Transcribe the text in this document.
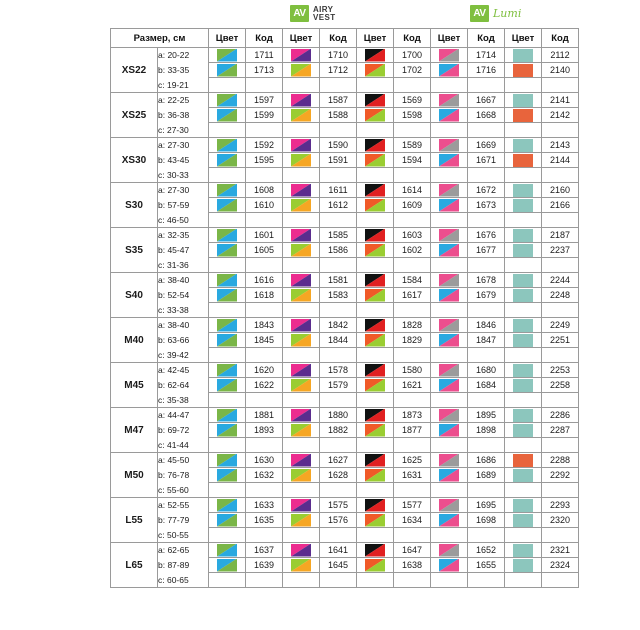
AV AIRY
VEST	AV Lumi
Размер, см		Цвет	Код	Цвет	Код	Цвет	Код	Цвет	Код	Цвет	Код
XS22	a: 20-22		1711		1710		1700		1714		2112
	b: 33-35		1713		1712		1702		1716		2140
	c: 19-21										
XS25	a: 22-25		1597		1587		1569		1667		2141
	b: 36-38		1599		1588		1598		1668		2142
	c: 27-30										
XS30	a: 27-30		1592		1590		1589		1669		2143
	b: 43-45		1595		1591		1594		1671		2144
	c: 30-33										
S30	a: 27-30		1608		1611		1614		1672		2160
	b: 57-59		1610		1612		1609		1673		2166
	c: 46-50										
S35	a: 32-35		1601		1585		1603		1676		2187
	b: 45-47		1605		1586		1602		1677		2237
	c: 31-36										
S40	a: 38-40		1616		1581		1584		1678		2244
	b: 52-54		1618		1583		1617		1679		2248
	c: 33-38										
M40	a: 38-40		1843		1842		1828		1846		2249
	b: 63-66		1845		1844		1829		1847		2251
	c: 39-42										
M45	a: 42-45		1620		1578		1580		1680		2253
	b: 62-64		1622		1579		1621		1684		2258
	c: 35-38										
M47	a: 44-47		1881		1880		1873		1895		2286
	b: 69-72		1893		1882		1877		1898		2287
	c: 41-44										
M50	a: 45-50		1630		1627		1625		1686		2288
	b: 76-78		1632		1628		1631		1689		2292
	c: 55-60										
L55	a: 52-55		1633		1575		1577		1695		2293
	b: 77-79		1635		1576		1634		1698		2320
	c: 50-55										
L65	a: 62-65		1637		1641		1647		1652		2321
	b: 87-89		1639		1645		1638		1655		2324
	c: 60-65										
